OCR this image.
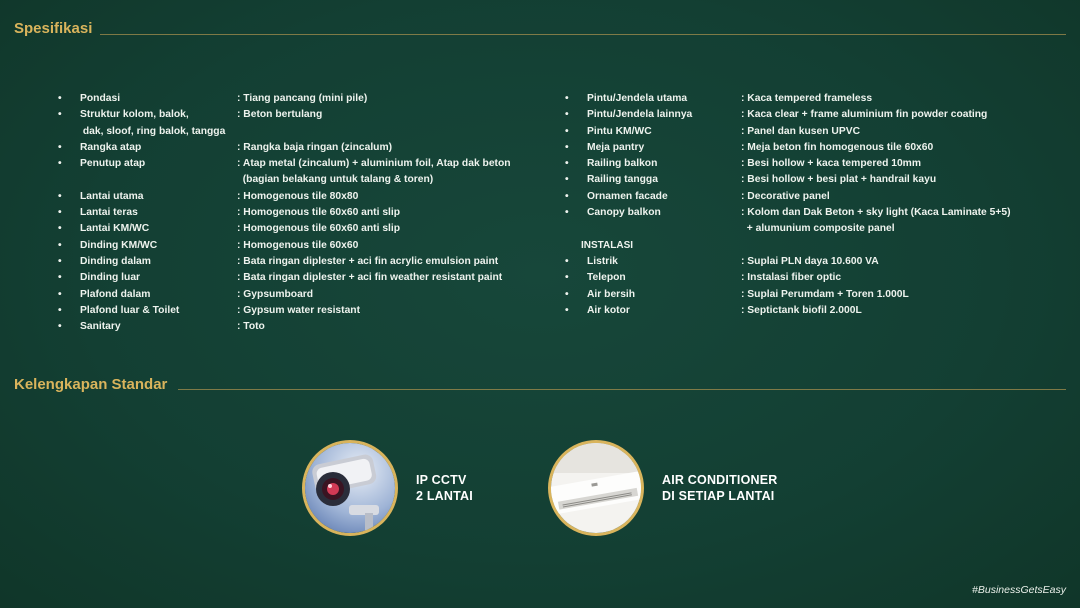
Spesifikasi
• Pondasi	: Tiang pancang (mini pile)
• Struktur kolom, balok,	: Beton bertulang
dak, sloof, ring balok, tangga
• Rangka atap	: Rangka baja ringan (zincalum)
• Penutup atap	: Atap metal (zincalum) + aluminium foil, Atap dak beton
(bagian belakang untuk talang & toren)
• Lantai utama	: Homogenous tile 80x80
• Lantai teras	: Homogenous tile 60x60 anti slip
• Lantai KM/WC	: Homogenous tile 60x60 anti slip
• Dinding KM/WC	: Homogenous tile 60x60
• Dinding dalam	: Bata ringan diplester + aci fin acrylic emulsion paint
• Dinding luar	: Bata ringan diplester + aci fin weather resistant paint
• Plafond dalam	: Gypsumboard
• Plafond luar & Toilet	: Gypsum water resistant
• Sanitary	: Toto
• Pintu/Jendela utama	: Kaca tempered frameless
• Pintu/Jendela lainnya	: Kaca clear + frame aluminium fin powder coating
• Pintu KM/WC	: Panel dan kusen UPVC
• Meja pantry	: Meja beton fin homogenous tile 60x60
• Railing balkon	: Besi hollow + kaca tempered 10mm
• Railing tangga	: Besi hollow + besi plat + handrail kayu
• Ornamen facade	: Decorative panel
• Canopy balkon	: Kolom dan Dak Beton + sky light (Kaca Laminate 5+5)
+ alumunium composite panel
INSTALASI
• Listrik	: Suplai PLN daya 10.600 VA
• Telepon	: Instalasi fiber optic
• Air bersih	: Suplai Perumdam + Toren 1.000L
• Air kotor	: Septictank biofil 2.000L
Kelengkapan Standar
IP CCTV
2 LANTAI
AIR CONDITIONER
DI SETIAP LANTAI
#BusinessGetsEasy
